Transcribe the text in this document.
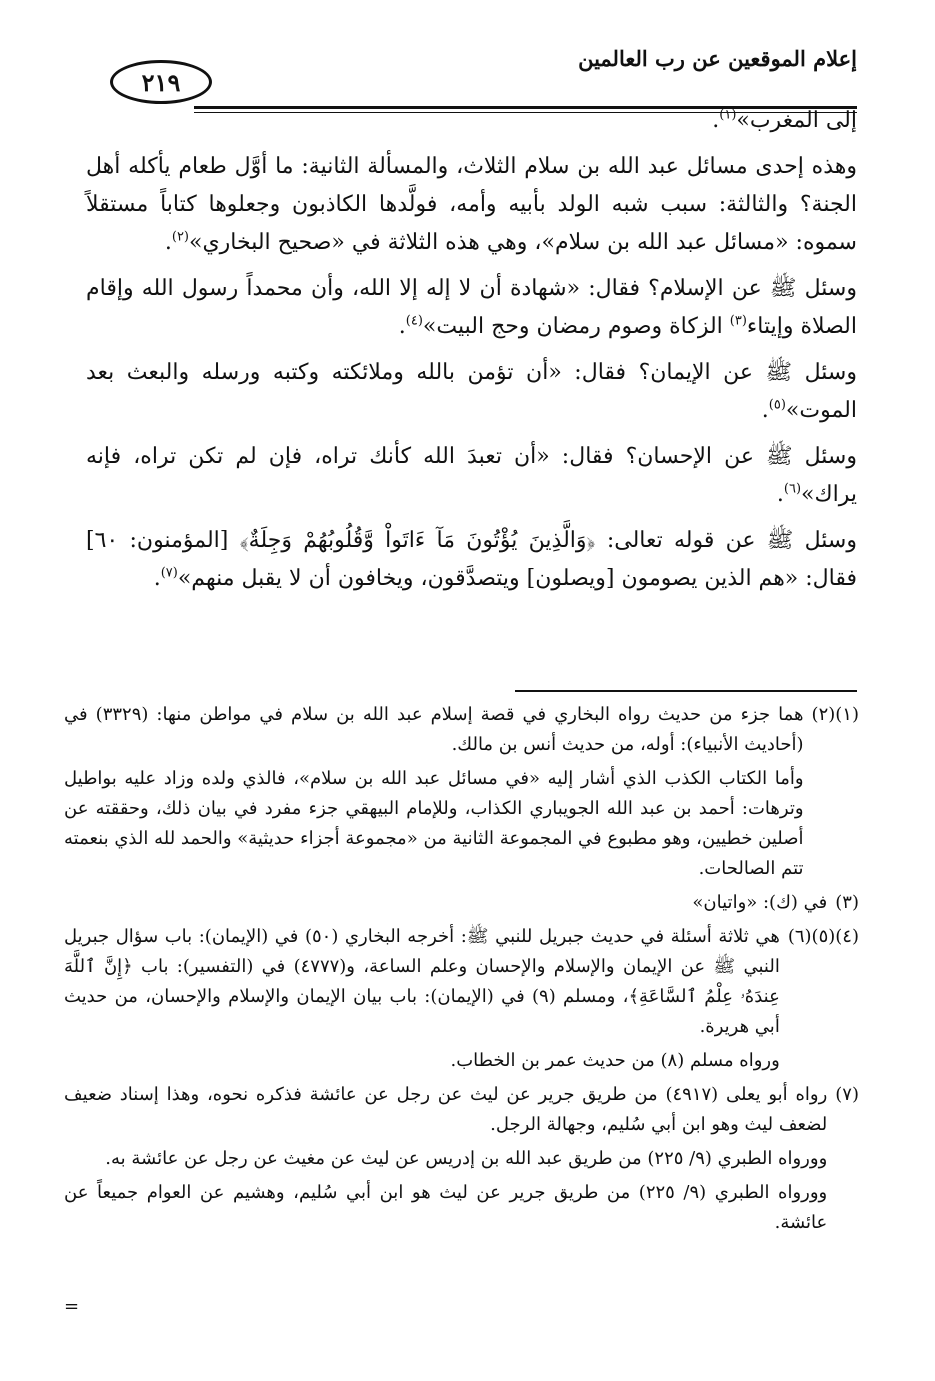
إعلام الموقعين عن رب العالمين
٢١٩

إلى المغرب»$^{(١)}$.

وهذه إحدى مسائل عبد الله بن سلام الثلاث، والمسألة الثانية: ما أوَّل طعام يأكله أهل الجنة؟ والثالثة: سبب شبه الولد بأبيه وأمه، فولَّدها الكاذبون وجعلوها كتاباً مستقلاً سموه: «مسائل عبد الله بن سلام»، وهي هذه الثلاثة في «صحيح البخاري»$^{(٢)}$.

وسئل ﷺ عن الإسلام؟ فقال: «شهادة أن لا إله إلا الله، وأن محمداً رسول الله وإقام الصلاة وإيتاء$^{(٣)}$ الزكاة وصوم رمضان وحج البيت»$^{(٤)}$.

وسئل ﷺ عن الإيمان؟ فقال: «أن تؤمن بالله وملائكته وكتبه ورسله والبعث بعد الموت»$^{(٥)}$.

وسئل ﷺ عن الإحسان؟ فقال: «أن تعبدَ الله كأنك تراه، فإن لم تكن تراه، فإنه يراك»$^{(٦)}$.

وسئل ﷺ عن قوله تعالى: ﴿وَالَّذِينَ يُؤْتُونَ مَآ ءَاتَواْ وَّقُلُوبُهُمْ وَجِلَةٌ﴾ [المؤمنون: ٦٠] فقال: «هم الذين يصومون [ويصلون] ويتصدَّقون، ويخافون أن لا يقبل منهم»$^{(٧)}$.

(١)(٢)

هما جزء من حديث رواه البخاري في قصة إسلام عبد الله بن سلام في مواطن منها: (٣٣٢٩) في (أحاديث الأنبياء): أوله، من حديث أنس بن مالك.

وأما الكتاب الكذب الذي أشار إليه «في مسائل عبد الله بن سلام»، فالذي ولده وزاد عليه بواطيل وترهات: أحمد بن عبد الله الجويباري الكذاب، وللإمام البيهقي جزء مفرد في بيان ذلك، وحققته عن أصلين خطيين، وهو مطبوع في المجموعة الثانية من «مجموعة أجزاء حديثية» والحمد لله الذي بنعمته تتم الصالحات.

(٣)

في (ك): «واتيان»

(٤)(٥)(٦)

هي ثلاثة أسئلة في حديث جبريل للنبي ﷺ: أخرجه البخاري (٥٠) في (الإيمان): باب سؤال جبريل النبي ﷺ عن الإيمان والإسلام والإحسان وعلم الساعة، و(٤٧٧٧) في (التفسير): باب ﴿إِنَّ ٱللَّهَ عِندَهُۥ عِلْمُ ٱلسَّاعَةِ﴾، ومسلم (٩) في (الإيمان): باب بيان الإيمان والإسلام والإحسان، من حديث أبي هريرة.

ورواه مسلم (٨) من حديث عمر بن الخطاب.

(٧)

رواه أبو يعلى (٤٩١٧) من طريق جرير عن ليث عن رجل عن عائشة فذكره نحوه، وهذا إسناد ضعيف لضعف ليث وهو ابن أبي سُليم، وجهالة الرجل.

وورواه الطبري (٩/ ٢٢٥) من طريق عبد الله بن إدريس عن ليث عن مغيث عن رجل عن عائشة به.

وورواه الطبري (٩/ ٢٢٥) من طريق جرير عن ليث هو ابن أبي سُليم، وهشيم عن العوام جميعاً عن عائشة.

=
